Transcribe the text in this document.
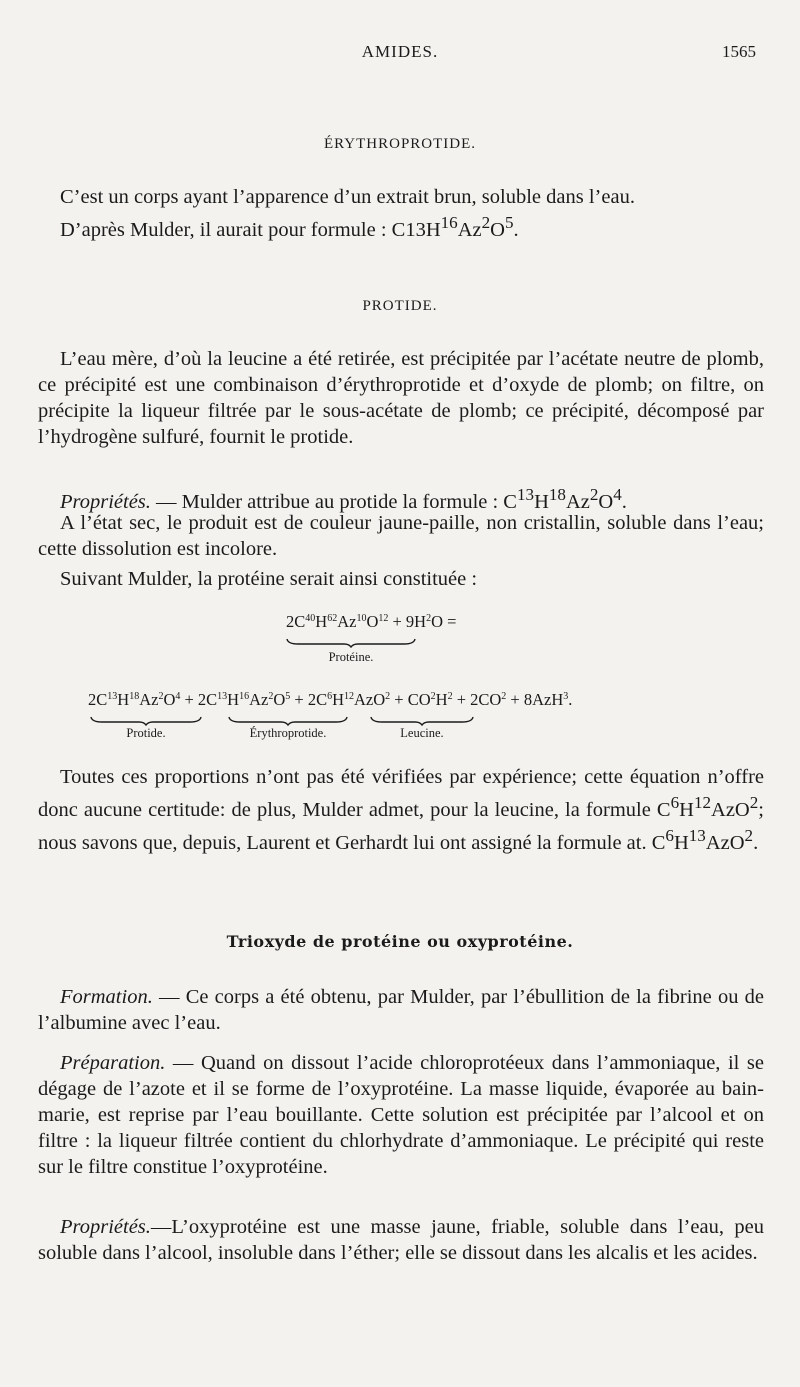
AMIDES.	1565
ÉRYTHROPROTIDE.
C’est un corps ayant l’apparence d’un extrait brun, soluble dans l’eau.
D’après Mulder, il aurait pour formule : $C13H^{16}Az^2O^5$.
PROTIDE.
L’eau mère, d’où la leucine a été retirée, est précipitée par l’acétate neutre de plomb, ce précipité est une combinaison d’érythroprotide et d’oxyde de plomb; on filtre, on précipite la liqueur filtrée par le sous-acétate de plomb; ce précipité, décomposé par l’hydrogène sulfuré, fournit le protide.
Propriétés. — Mulder attribue au protide la formule : $C^{13}H^{18}Az^2O^4$.
A l’état sec, le produit est de couleur jaune-paille, non cristallin, soluble dans l’eau; cette dissolution est incolore.
Suivant Mulder, la protéine serait ainsi constituée :
$2C^{40}H^{62}Az^{10}O^{12} + 9H^2O$ =
Protéine.
$2C^{13}H^{18}Az^2O^4 + 2C^{13}H^{16}Az^2O^5 + 2C^6H^{12}AzO^2 + CO^2H^2 + 2CO^2 + 8AzH^3$.
Protide.	Érythroprotide.	Leucine.
Toutes ces proportions n’ont pas été vérifiées par expérience; cette équation n’offre donc aucune certitude: de plus, Mulder admet, pour la leucine, la formule $C^6H^{12}AzO^2$; nous savons que, depuis, Laurent et Gerhardt lui ont assigné la formule at. $C^6H^{13}AzO^2$.
Trioxyde de protéine ou oxyprotéine.
Formation. — Ce corps a été obtenu, par Mulder, par l’ébullition de la fibrine ou de l’albumine avec l’eau.
Préparation. — Quand on dissout l’acide chloroprotéeux dans l’ammoniaque, il se dégage de l’azote et il se forme de l’oxyprotéine. La masse liquide, évaporée au bain-marie, est reprise par l’eau bouillante. Cette solution est précipitée par l’alcool et on filtre : la liqueur filtrée contient du chlorhydrate d’ammoniaque. Le précipité qui reste sur le filtre constitue l’oxyprotéine.
Propriétés.—L’oxyprotéine est une masse jaune, friable, soluble dans l’eau, peu soluble dans l’alcool, insoluble dans l’éther; elle se dissout dans les alcalis et les acides.
